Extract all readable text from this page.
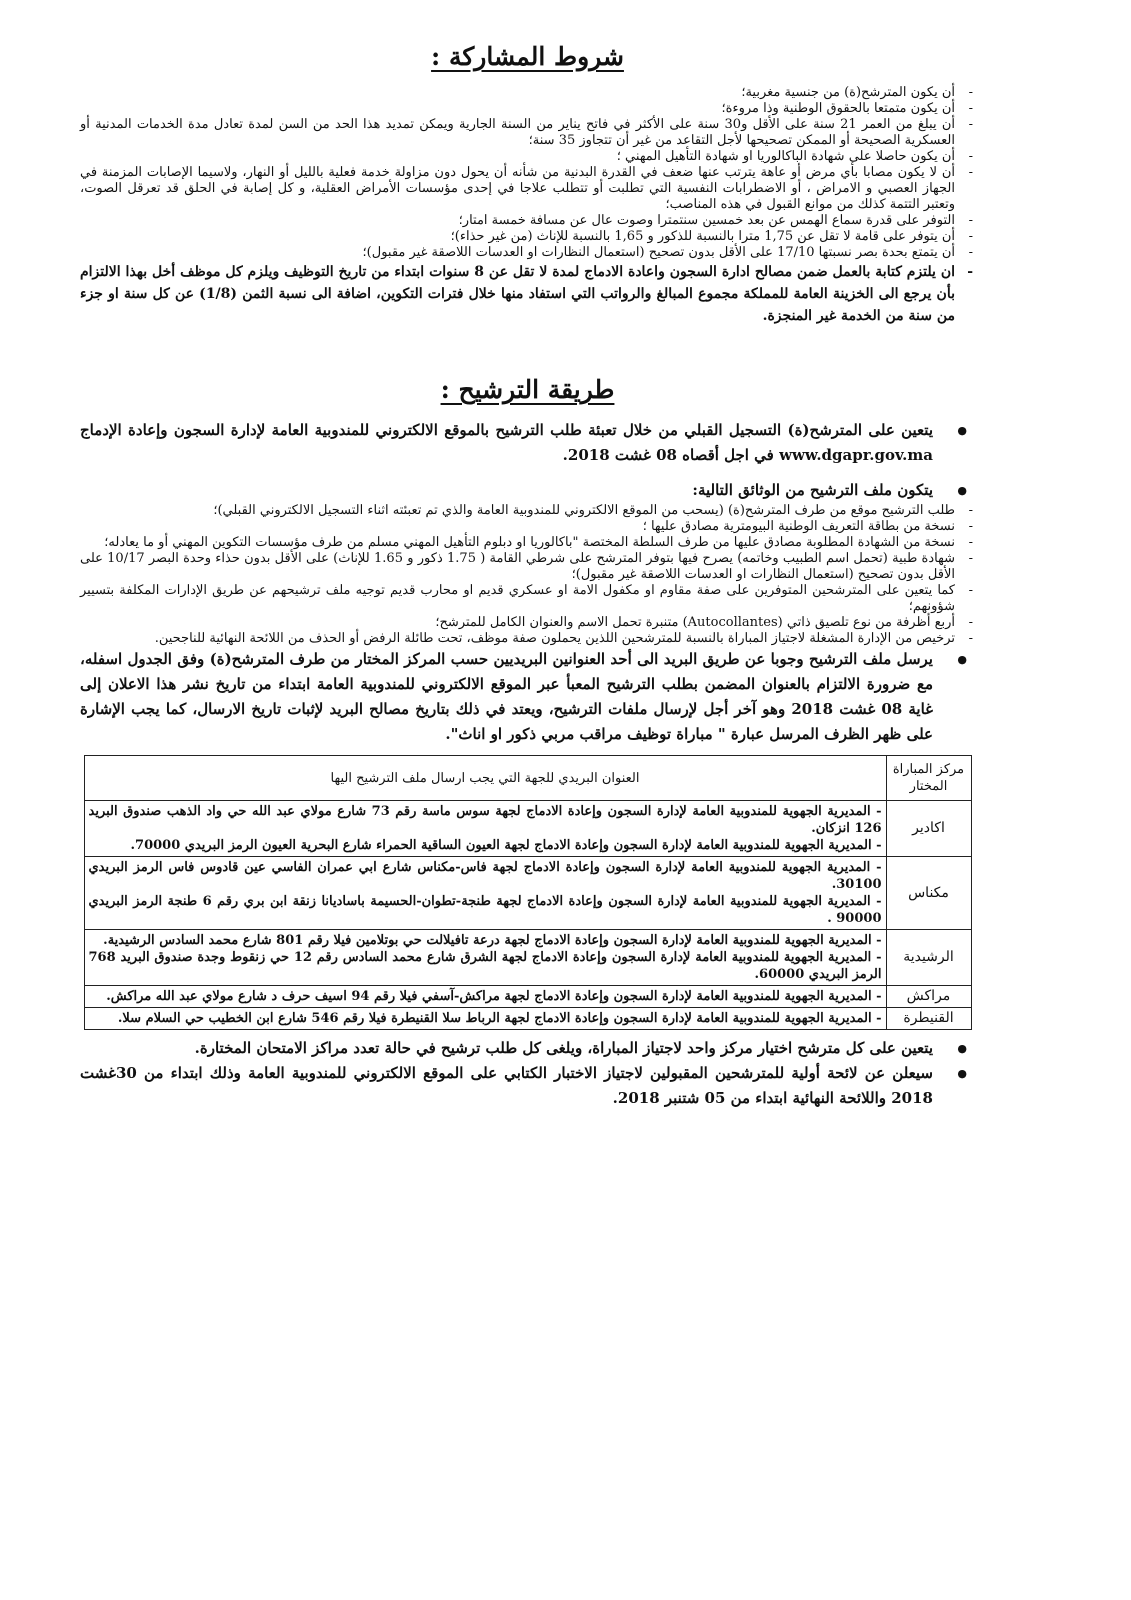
شروط المشاركة :
- أن يكون المترشح(ة) من جنسية مغربية؛
- أن يكون متمتعا بالحقوق الوطنية وذا مروءة؛
- أن يبلغ من العمر 21 سنة على الأقل و30 سنة على الأكثر في فاتح يناير من السنة الجارية ويمكن تمديد هذا الحد من السن لمدة تعادل مدة الخدمات المدنية أو العسكرية الصحيحة أو الممكن تصحيحها لأجل التقاعد من غير أن تتجاوز 35 سنة؛
- أن يكون حاصلا على شهادة الباكالوريا او شهادة التأهيل المهني ؛
- أن لا يكون مصابا بأي مرض أو عاهة يترتب عنها ضعف في القدرة البدنية من شأنه أن يحول دون مزاولة خدمة فعلية بالليل أو النهار، ولاسيما الإصابات المزمنة في الجهاز العصبي و الامراض ، أو الاضطرابات النفسية التي تطلبت أو تتطلب علاجا في إحدى مؤسسات الأمراض العقلية، و كل إصابة في الحلق قد تعرقل الصوت، وتعتبر التتمة كذلك من موانع القبول في هذه المناصب؛
- التوفر على قدرة سماع الهمس عن بعد خمسين سنتمترا وصوت عال عن مسافة خمسة امتار؛
- أن يتوفر على قامة لا تقل عن 1,75 مترا بالنسبة للذكور و 1,65 بالنسبة للإناث (من غير حذاء)؛
- أن يتمتع بحدة بصر نسبتها 17/10 على الأقل بدون تصحيح (استعمال النظارات او العدسات اللاصقة غير مقبول)؛
- ان يلتزم كتابة بالعمل ضمن مصالح ادارة السجون واعادة الادماج لمدة لا تقل عن 8 سنوات ابتداء من تاريخ التوظيف ويلزم كل موظف أخل بهذا الالتزام بأن يرجع الى الخزينة العامة للمملكة مجموع المبالغ والرواتب التي استفاد منها خلال فترات التكوين، اضافة الى نسبة الثمن (1/8) عن كل سنة او جزء من سنة من الخدمة غير المنجزة.
طريقة الترشيح :
● يتعين على المترشح(ة) التسجيل القبلي من خلال تعبئة طلب الترشيح بالموقع الالكتروني للمندوبية العامة لإدارة السجون وإعادة الإدماج www.dgapr.gov.ma في اجل أقصاه 08 غشت 2018.
● يتكون ملف الترشيح من الوثائق التالية:
- طلب الترشيح موقع من طرف المترشح(ة) (يسحب من الموقع الالكتروني للمندوبية العامة والذي تم تعبئته اثناء التسجيل الالكتروني القبلي)؛
- نسخة من بطاقة التعريف الوطنية البيومترية مصادق عليها ؛
- نسخة من الشهادة المطلوبة مصادق عليها من طرف السلطة المختصة "باكالوريا او دبلوم التأهيل المهني مسلم من طرف مؤسسات التكوين المهني أو ما يعادله؛
- شهادة طبية (تحمل اسم الطبيب وخاتمه) يصرح فيها بتوفر المترشح على شرطي القامة ( 1.75 ذكور و 1.65 للإناث) على الأقل بدون حذاء وحدة البصر 10/17 على الأقل بدون تصحيح (استعمال النظارات او العدسات اللاصقة غير مقبول)؛
- كما يتعين على المترشحين المتوفرين على صفة مقاوم او مكفول الامة او عسكري قديم او محارب قديم توجيه ملف ترشيحهم عن طريق الإدارات المكلفة بتسيير شؤونهم؛
- أربع أظرفة من نوع تلصيق ذاتي (Autocollantes) متنبرة تحمل الاسم والعنوان الكامل للمترشح؛
- ترخيص من الإدارة المشغلة لاجتياز المباراة بالنسبة للمترشحين اللذين يحملون صفة موظف، تحت طائلة الرفض أو الحذف من اللائحة النهائية للناجحين.
● يرسل ملف الترشيح وجوبا عن طريق البريد الى أحد العنوانين البريديين حسب المركز المختار من طرف المترشح(ة) وفق الجدول اسفله، مع ضرورة الالتزام بالعنوان المضمن بطلب الترشيح المعبأ عبر الموقع الالكتروني للمندوبية العامة ابتداء من تاريخ نشر هذا الاعلان إلى غاية 08 غشت 2018 وهو آخر أجل لإرسال ملفات الترشيح، ويعتد في ذلك بتاريخ مصالح البريد لإثبات تاريخ الارسال، كما يجب الإشارة على ظهر الظرف المرسل عبارة " مباراة توظيف مراقب مربي ذكور او اناث".
مركز المباراة المختار	العنوان البريدي للجهة التي يجب ارسال ملف الترشيح اليها
اكادير	- المديرية الجهوية للمندوبية العامة لإدارة السجون وإعادة الادماج لجهة سوس ماسة رقم 73 شارع مولاي عبد الله حي واد الذهب صندوق البريد 126 انزكان.
- المديرية الجهوية للمندوبية العامة لإدارة السجون وإعادة الادماج لجهة العيون الساقية الحمراء شارع البحرية العيون الرمز البريدي 70000.

مكناس	- المديرية الجهوية للمندوبية العامة لإدارة السجون وإعادة الادماج لجهة فاس-مكناس شارع ابي عمران الفاسي عين قادوس فاس الرمز البريدي 30100.
- المديرية الجهوية للمندوبية العامة لإدارة السجون وإعادة الادماج لجهة طنجة-تطوان-الحسيمة باساديانا زنقة ابن بري رقم 6 طنجة الرمز البريدي 90000 .

الرشيدية	- المديرية الجهوية للمندوبية العامة لإدارة السجون وإعادة الادماج لجهة درعة تافيلالت حي بوتلامين فيلا رقم 801 شارع محمد السادس الرشيدية.
- المديرية الجهوية للمندوبية العامة لإدارة السجون وإعادة الادماج لجهة الشرق شارع محمد السادس رقم 12 حي زنقوط وجدة صندوق البريد 768 الرمز البريدي 60000.

مراكش	- المديرية الجهوية للمندوبية العامة لإدارة السجون وإعادة الادماج لجهة مراكش-آسفي فيلا رقم 94 اسيف حرف د شارع مولاي عبد الله مراكش.

القنيطرة	- المديرية الجهوية للمندوبية العامة لإدارة السجون وإعادة الادماج لجهة الرباط سلا القنيطرة فيلا رقم 546 شارع ابن الخطيب حي السلام سلا.
● يتعين على كل مترشح اختيار مركز واحد لاجتياز المباراة، ويلغى كل طلب ترشيح في حالة تعدد مراكز الامتحان المختارة.
● سيعلن عن لائحة أولية للمترشحين المقبولين لاجتياز الاختبار الكتابي على الموقع الالكتروني للمندوبية العامة وذلك ابتداء من 30غشت 2018 واللائحة النهائية ابتداء من 05 شتنبر 2018.
